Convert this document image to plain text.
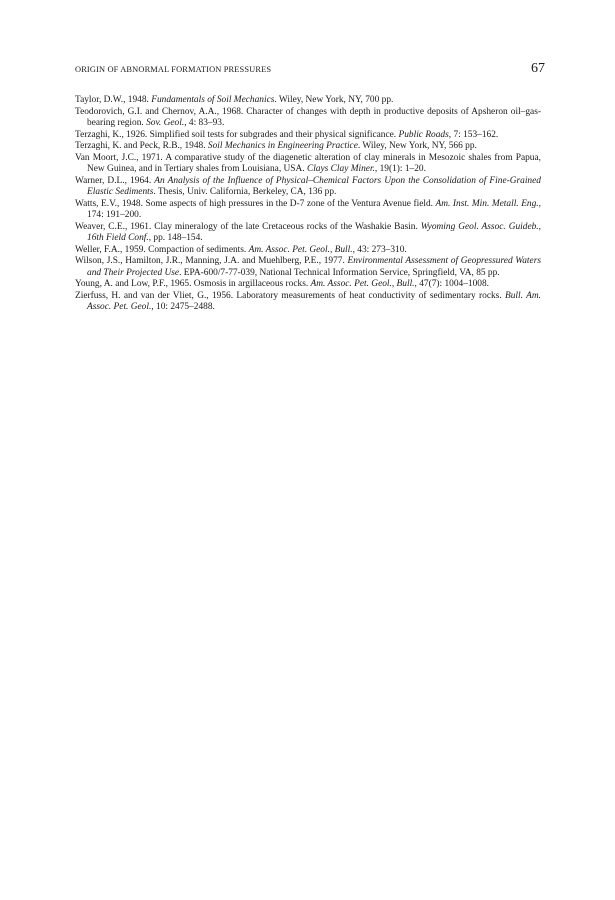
ORIGIN OF ABNORMAL FORMATION PRESSURES	67
Taylor, D.W., 1948. Fundamentals of Soil Mechanics. Wiley, New York, NY, 700 pp.
Teodorovich, G.I. and Chernov, A.A., 1968. Character of changes with depth in productive deposits of Apsheron oil–gas-bearing region. Sov. Geol., 4: 83–93.
Terzaghi, K., 1926. Simplified soil tests for subgrades and their physical significance. Public Roads, 7: 153–162.
Terzaghi, K. and Peck, R.B., 1948. Soil Mechanics in Engineering Practice. Wiley, New York, NY, 566 pp.
Van Moort, J.C., 1971. A comparative study of the diagenetic alteration of clay minerals in Mesozoic shales from Papua, New Guinea, and in Tertiary shales from Louisiana, USA. Clays Clay Miner., 19(1): 1–20.
Warner, D.L., 1964. An Analysis of the Influence of Physical–Chemical Factors Upon the Consolidation of Fine-Grained Elastic Sediments. Thesis, Univ. California, Berkeley, CA, 136 pp.
Watts, E.V., 1948. Some aspects of high pressures in the D-7 zone of the Ventura Avenue field. Am. Inst. Min. Metall. Eng., 174: 191–200.
Weaver, C.E., 1961. Clay mineralogy of the late Cretaceous rocks of the Washakie Basin. Wyoming Geol. Assoc. Guideb., 16th Field Conf., pp. 148–154.
Weller, F.A., 1959. Compaction of sediments. Am. Assoc. Pet. Geol., Bull., 43: 273–310.
Wilson, J.S., Hamilton, J.R., Manning, J.A. and Muehlberg, P.E., 1977. Environmental Assessment of Geopressured Waters and Their Projected Use. EPA-600/7-77-039, National Technical Information Service, Springfield, VA, 85 pp.
Young, A. and Low, P.F., 1965. Osmosis in argillaceous rocks. Am. Assoc. Pet. Geol., Bull., 47(7): 1004–1008.
Zierfuss, H. and van der Vliet, G., 1956. Laboratory measurements of heat conductivity of sedimentary rocks. Bull. Am. Assoc. Pet. Geol., 10: 2475–2488.
